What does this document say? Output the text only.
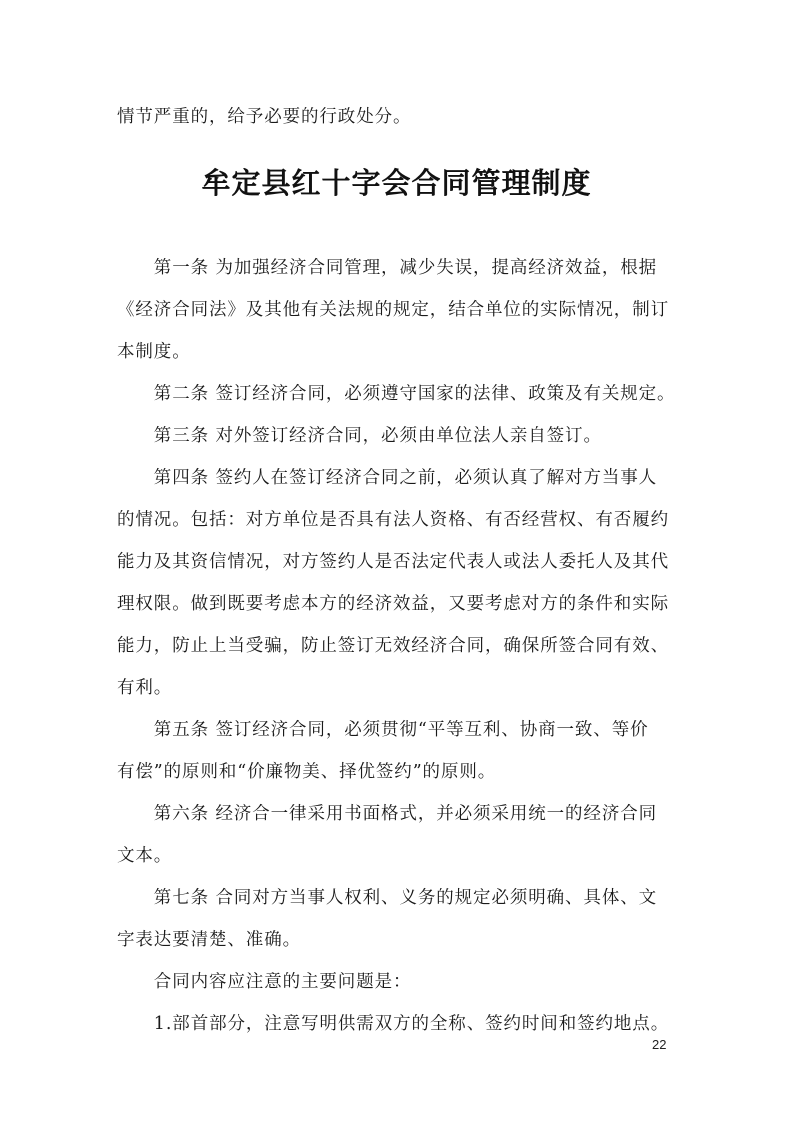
情节严重的，给予必要的行政处分。
牟定县红十字会合同管理制度
　　第一条 为加强经济合同管理，减少失误，提高经济效益，根据
《经济合同法》及其他有关法规的规定，结合单位的实际情况，制订
本制度。
　　第二条 签订经济合同，必须遵守国家的法律、政策及有关规定。
　　第三条 对外签订经济合同，必须由单位法人亲自签订。
　　第四条 签约人在签订经济合同之前，必须认真了解对方当事人
的情况。包括：对方单位是否具有法人资格、有否经营权、有否履约
能力及其资信情况，对方签约人是否法定代表人或法人委托人及其代
理权限。做到既要考虑本方的经济效益，又要考虑对方的条件和实际
能力，防止上当受骗，防止签订无效经济合同，确保所签合同有效、
有利。
　　第五条 签订经济合同，必须贯彻“平等互利、协商一致、等价
有偿”的原则和“价廉物美、择优签约”的原则。
　　第六条 经济合一律采用书面格式，并必须采用统一的经济合同
文本。
　　第七条 合同对方当事人权利、义务的规定必须明确、具体、文
字表达要清楚、准确。
　　合同内容应注意的主要问题是：
　　1.部首部分，注意写明供需双方的全称、签约时间和签约地点。
22
